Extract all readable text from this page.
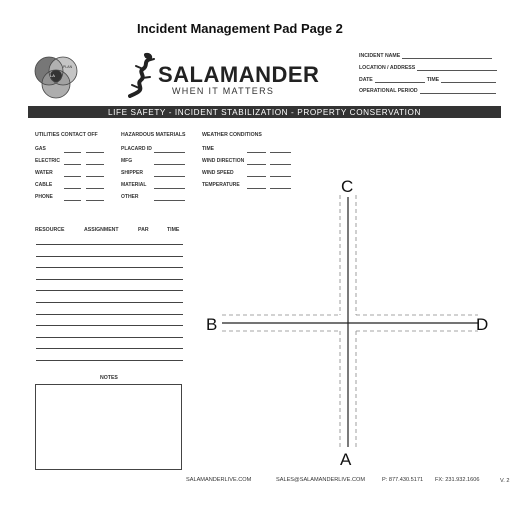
Incident Management Pad Page 2
LA
PLAN	SALAMANDER
WHEN IT MATTERS
INCIDENT NAME
LOCATION / ADDRESS
DATE	TIME
OPERATIONAL PERIOD
LIFE SAFETY - INCIDENT STABILIZATION - PROPERTY CONSERVATION
UTILITIES CONTACT OFF
GAS
ELECTRIC
WATER
CABLE
PHONE
HAZARDOUS MATERIALS
PLACARD ID
MFG
SHIPPER
MATERIAL
OTHER
WEATHER CONDITIONS
TIME
WIND DIRECTION
WIND SPEED
TEMPERATURE
RESOURCE	ASSIGNMENT	PAR	TIME
NOTES
C
B	D
A
SALAMANDERLIVE.COM	SALES@SALAMANDERLIVE.COM	P: 877.430.5171 FX: 231.932.1606	V. 2
